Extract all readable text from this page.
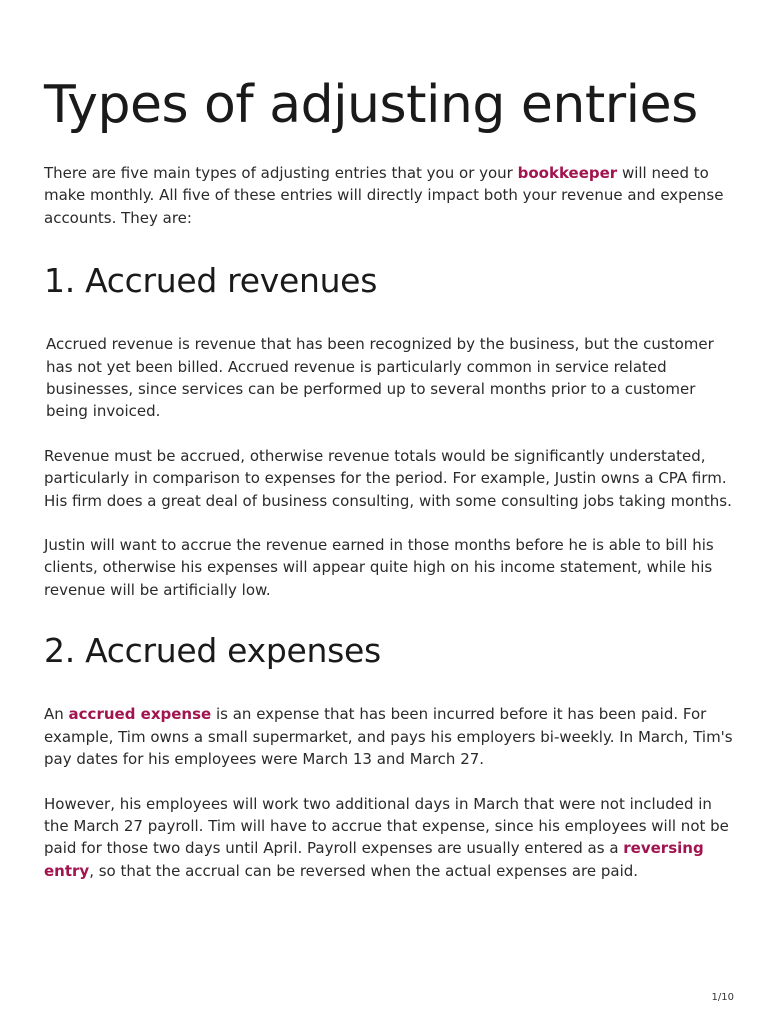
Types of adjusting entries

There are five main types of adjusting entries that you or your bookkeeper will need to make monthly. All five of these entries will directly impact both your revenue and expense accounts. They are:

1. Accrued revenues

Accrued revenue is revenue that has been recognized by the business, but the customer has not yet been billed. Accrued revenue is particularly common in service related businesses, since services can be performed up to several months prior to a customer being invoiced.

Revenue must be accrued, otherwise revenue totals would be significantly understated, particularly in comparison to expenses for the period. For example, Justin owns a CPA firm. His firm does a great deal of business consulting, with some consulting jobs taking months.

Justin will want to accrue the revenue earned in those months before he is able to bill his clients, otherwise his expenses will appear quite high on his income statement, while his revenue will be artificially low.

2. Accrued expenses

An accrued expense is an expense that has been incurred before it has been paid. For example, Tim owns a small supermarket, and pays his employers bi-weekly. In March, Tim's pay dates for his employees were March 13 and March 27.

However, his employees will work two additional days in March that were not included in the March 27 payroll. Tim will have to accrue that expense, since his employees will not be paid for those two days until April. Payroll expenses are usually entered as a reversing entry, so that the accrual can be reversed when the actual expenses are paid.

1/10
